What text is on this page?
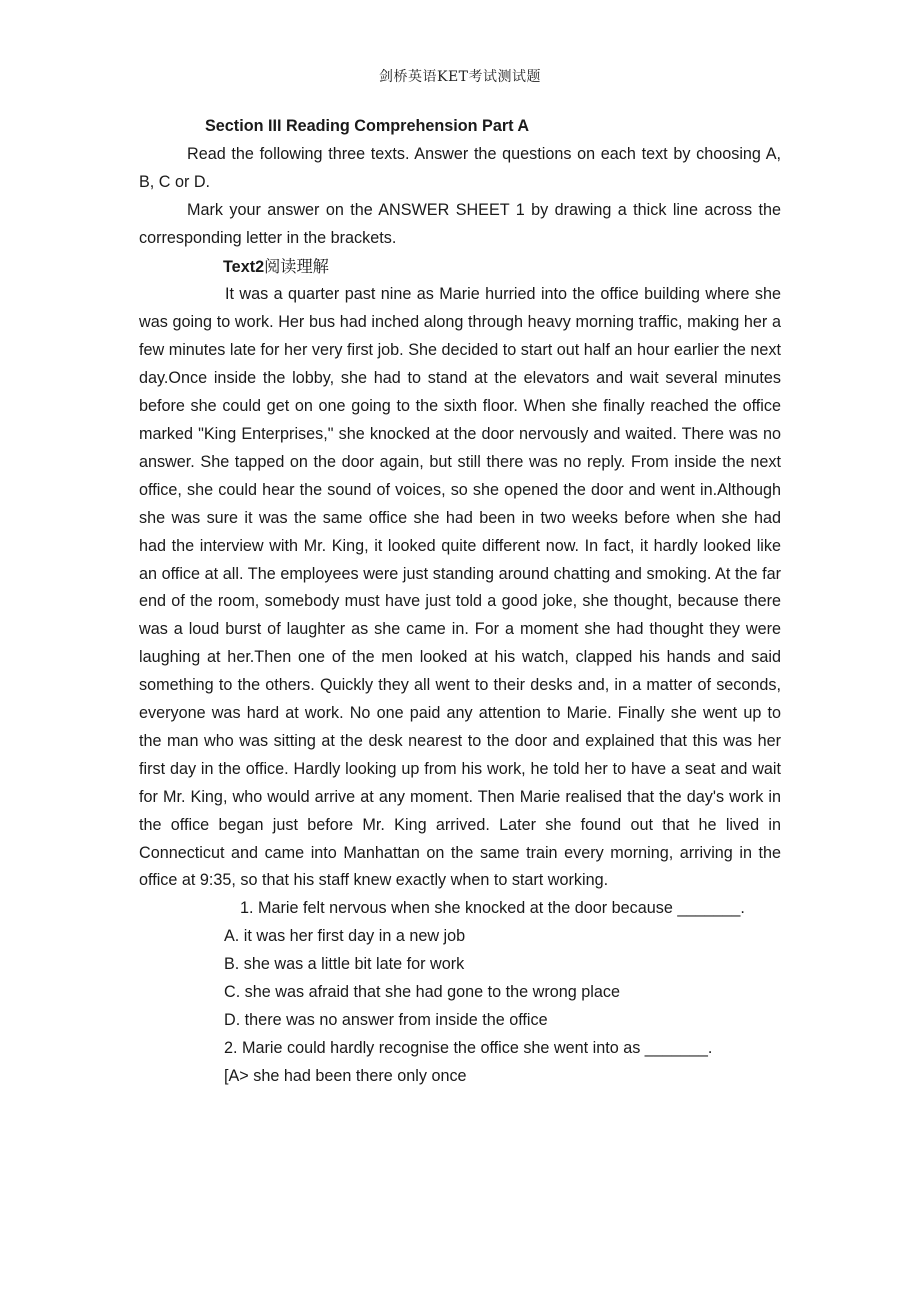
剑桥英语KET考试测试题
Section III Reading Comprehension Part A

Read the following three texts. Answer the questions on each text by choosing A, B, C or D.

Mark your answer on the ANSWER SHEET 1 by drawing a thick line across the corresponding letter in the brackets.

Text2阅读理解

It was a quarter past nine as Marie hurried into the office building where she was going to work. Her bus had inched along through heavy morning traffic, making her a few minutes late for her very first job. She decided to start out half an hour earlier the next day.Once inside the lobby, she had to stand at the elevators and wait several minutes before she could get on one going to the sixth floor. When she finally reached the office marked "King Enterprises," she knocked at the door nervously and waited. There was no answer. She tapped on the door again, but still there was no reply. From inside the next office, she could hear the sound of voices, so she opened the door and went in.Although she was sure it was the same office she had been in two weeks before when she had had the interview with Mr. King, it looked quite different now. In fact, it hardly looked like an office at all. The employees were just standing around chatting and smoking. At the far end of the room, somebody must have just told a good joke, she thought, because there was a loud burst of laughter as she came in. For a moment she had thought they were laughing at her.Then one of the men looked at his watch, clapped his hands and said something to the others. Quickly they all went to their desks and, in a matter of seconds, everyone was hard at work. No one paid any attention to Marie. Finally she went up to the man who was sitting at the desk nearest to the door and explained that this was her first day in the office. Hardly looking up from his work, he told her to have a seat and wait for Mr. King, who would arrive at any moment. Then Marie realised that the day's work in the office began just before Mr. King arrived. Later she found out that he lived in Connecticut and came into Manhattan on the same train every morning, arriving in the office at 9:35, so that his staff knew exactly when to start working.

1. Marie felt nervous when she knocked at the door because _______.

A. it was her first day in a new job

B. she was a little bit late for work

C. she was afraid that she had gone to the wrong place

D. there was no answer from inside the office

2. Marie could hardly recognise the office she went into as _______.

[A> she had been there only once
